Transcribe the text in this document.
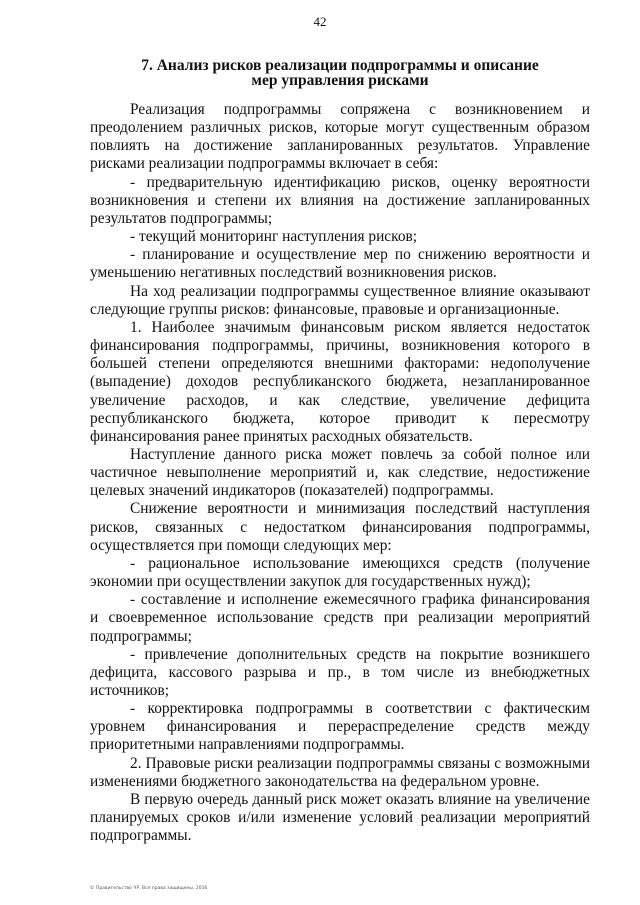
42
7. Анализ рисков реализации подпрограммы и описание
мер управления рисками

Реализация подпрограммы сопряжена с возникновением и преодолением различных рисков, которые могут существенным образом повлиять на достижение запланированных результатов. Управление рисками реализации подпрограммы включает в себя:

- предварительную идентификацию рисков, оценку вероятности возникновения и степени их влияния на достижение запланированных результатов подпрограммы;

- текущий мониторинг наступления рисков;

- планирование и осуществление мер по снижению вероятности и уменьшению негативных последствий возникновения рисков.

На ход реализации подпрограммы существенное влияние оказывают следующие группы рисков: финансовые, правовые и организационные.

1. Наиболее значимым финансовым риском является недостаток финансирования подпрограммы, причины, возникновения которого в большей степени определяются внешними факторами: недополучение (выпадение) доходов республиканского бюджета, незапланированное увеличение расходов, и как следствие, увеличение дефицита республиканского бюджета, которое приводит к пересмотру финансирования ранее принятых расходных обязательств.

Наступление данного риска может повлечь за собой полное или частичное невыполнение мероприятий и, как следствие, недостижение целевых значений индикаторов (показателей) подпрограммы.

Снижение вероятности и минимизация последствий наступления рисков, связанных с недостатком финансирования подпрограммы, осуществляется при помощи следующих мер:

- рациональное использование имеющихся средств (получение экономии при осуществлении закупок для государственных нужд);

- составление и исполнение ежемесячного графика финансирования и своевременное использование средств при реализации мероприятий подпрограммы;

- привлечение дополнительных средств на покрытие возникшего дефицита, кассового разрыва и пр., в том числе из внебюджетных источников;

- корректировка подпрограммы в соответствии с фактическим уровнем финансирования и перераспределение средств между приоритетными направлениями подпрограммы.

2. Правовые риски реализации подпрограммы связаны с возможными изменениями бюджетного законодательства на федеральном уровне.

В первую очередь данный риск может оказать влияние на увеличение планируемых сроков и/или изменение условий реализации мероприятий подпрограммы.

© Правительство ЧР. Все права защищены. 2016
